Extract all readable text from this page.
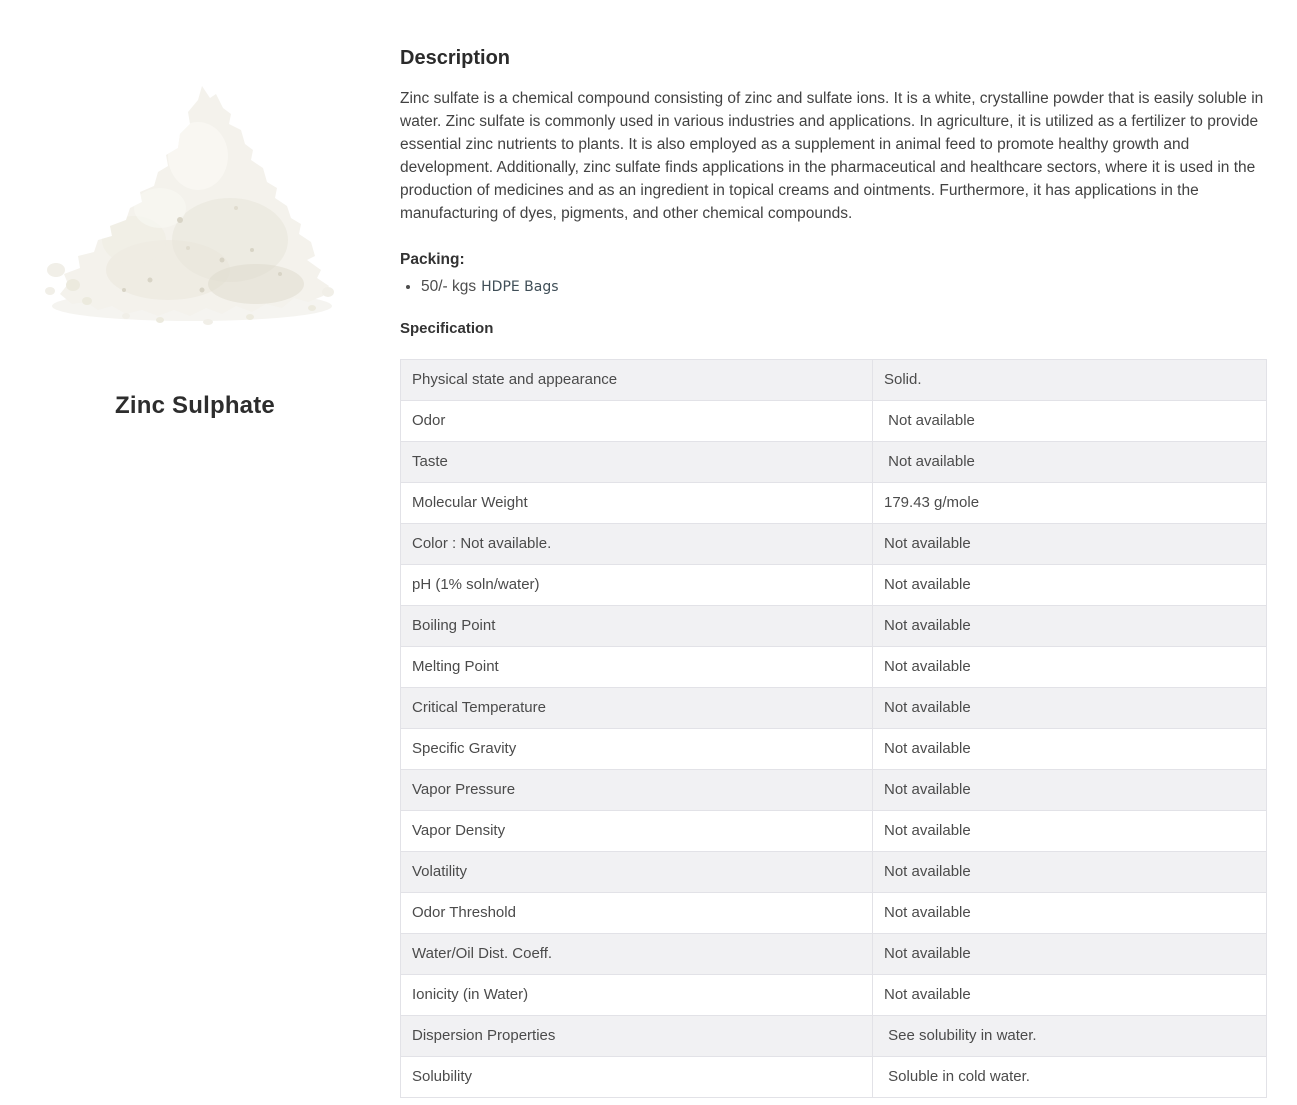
Zinc Sulphate
Description

Zinc sulfate is a chemical compound consisting of zinc and sulfate ions. It is a white, crystalline powder that is easily soluble in water. Zinc sulfate is commonly used in various industries and applications. In agriculture, it is utilized as a fertilizer to provide essential zinc nutrients to plants. It is also employed as a supplement in animal feed to promote healthy growth and development. Additionally, zinc sulfate finds applications in the pharmaceutical and healthcare sectors, where it is used in the production of medicines and as an ingredient in topical creams and ointments. Furthermore, it has applications in the manufacturing of dyes, pigments, and other chemical compounds.

Packing:
• 50/- kgs HDPE Bags
Specification
Physical state and appearance	Solid.
Odor	Not available
Taste	Not available
Molecular Weight	179.43 g/mole
Color : Not available.	Not available
pH (1% soln/water)	Not available
Boiling Point	Not available
Melting Point	Not available
Critical Temperature	Not available
Specific Gravity	Not available
Vapor Pressure	Not available
Vapor Density	Not available
Volatility	Not available
Odor Threshold	Not available
Water/Oil Dist. Coeff.	Not available
Ionicity (in Water)	Not available
Dispersion Properties	See solubility in water.
Solubility	Soluble in cold water.
